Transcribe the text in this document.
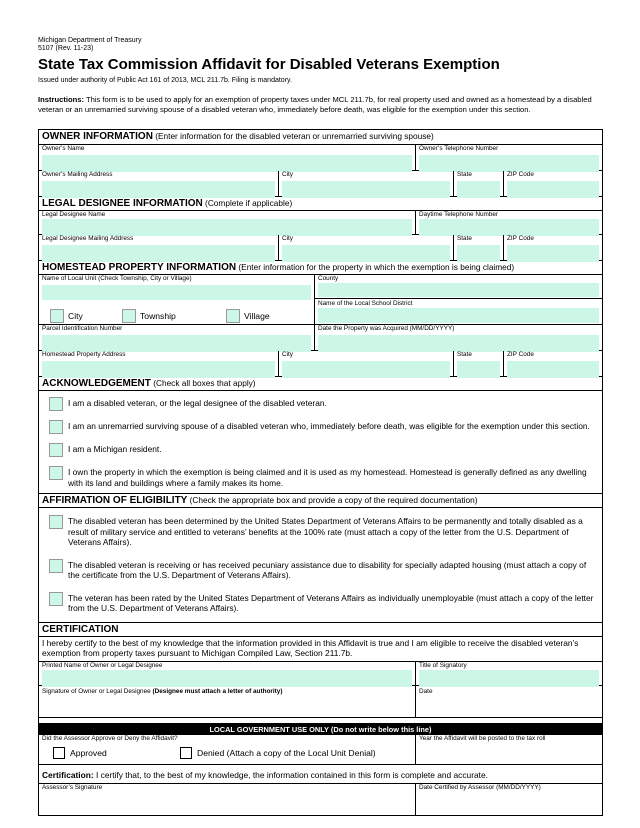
Michigan Department of Treasury
5107 (Rev. 11-23)
State Tax Commission Affidavit for Disabled Veterans Exemption
Issued under authority of Public Act 161 of 2013, MCL 211.7b. Filing is mandatory.
Instructions: This form is to be used to apply for an exemption of property taxes under MCL 211.7b, for real property used and owned as a homestead by a disabled veteran or an unremarried surviving spouse of a disabled veteran who, immediately before death, was eligible for the exemption under this section.
OWNER INFORMATION (Enter information for the disabled veteran or unremarried surviving spouse)
Owner’s Name	Owner’s Telephone Number
Owner’s Mailing Address	City	State	ZIP Code
LEGAL DESIGNEE INFORMATION (Complete if applicable)
Legal Designee Name	Daytime Telephone Number
Legal Designee Mailing Address	City	State	ZIP Code
HOMESTEAD PROPERTY INFORMATION (Enter information for the property in which the exemption is being claimed)
Name of Local Unit (Check Township, City or Village)
City	Township	Village
County
Name of the Local School District
Parcel Identification Number	Date the Property was Acquired (MM/DD/YYYY)
Homestead Property Address	City	State	ZIP Code
ACKNOWLEDGEMENT (Check all boxes that apply)
I am a disabled veteran, or the legal designee of the disabled veteran.
I am an unremarried surviving spouse of a disabled veteran who, immediately before death, was eligible for the exemption under this section.
I am a Michigan resident.
I own the property in which the exemption is being claimed and it is used as my homestead. Homestead is generally defined as any dwelling with its land and buildings where a family makes its home.
AFFIRMATION OF ELIGIBILITY (Check the appropriate box and provide a copy of the required documentation)
The disabled veteran has been determined by the United States Department of Veterans Affairs to be permanently and totally disabled as a result of military service and entitled to veterans’ benefits at the 100% rate (must attach a copy of the letter from the U.S. Department of Veterans Affairs).
The disabled veteran is receiving or has received pecuniary assistance due to disability for specially adapted housing (must attach a copy of the certificate from the U.S. Department of Veterans Affairs).
The veteran has been rated by the United States Department of Veterans Affairs as individually unemployable (must attach a copy of the letter from the U.S. Department of Veterans Affairs).
CERTIFICATION
I hereby certify to the best of my knowledge that the information provided in this Affidavit is true and I am eligible to receive the disabled veteran’s exemption from property taxes pursuant to Michigan Compiled Law, Section 211.7b.
Printed Name of Owner or Legal Designee	Title of Signatory
Signature of Owner or Legal Designee (Designee must attach a letter of authority)	Date
LOCAL GOVERNMENT USE ONLY (Do not write below this line)
Did the Assessor Approve or Deny the Affidavit?
Approved	Denied (Attach a copy of the Local Unit Denial)
Year the Affidavit will be posted to the tax roll
Certification: I certify that, to the best of my knowledge, the information contained in this form is complete and accurate.
Assessor’s Signature	Date Certified by Assessor (MM/DD/YYYY)
